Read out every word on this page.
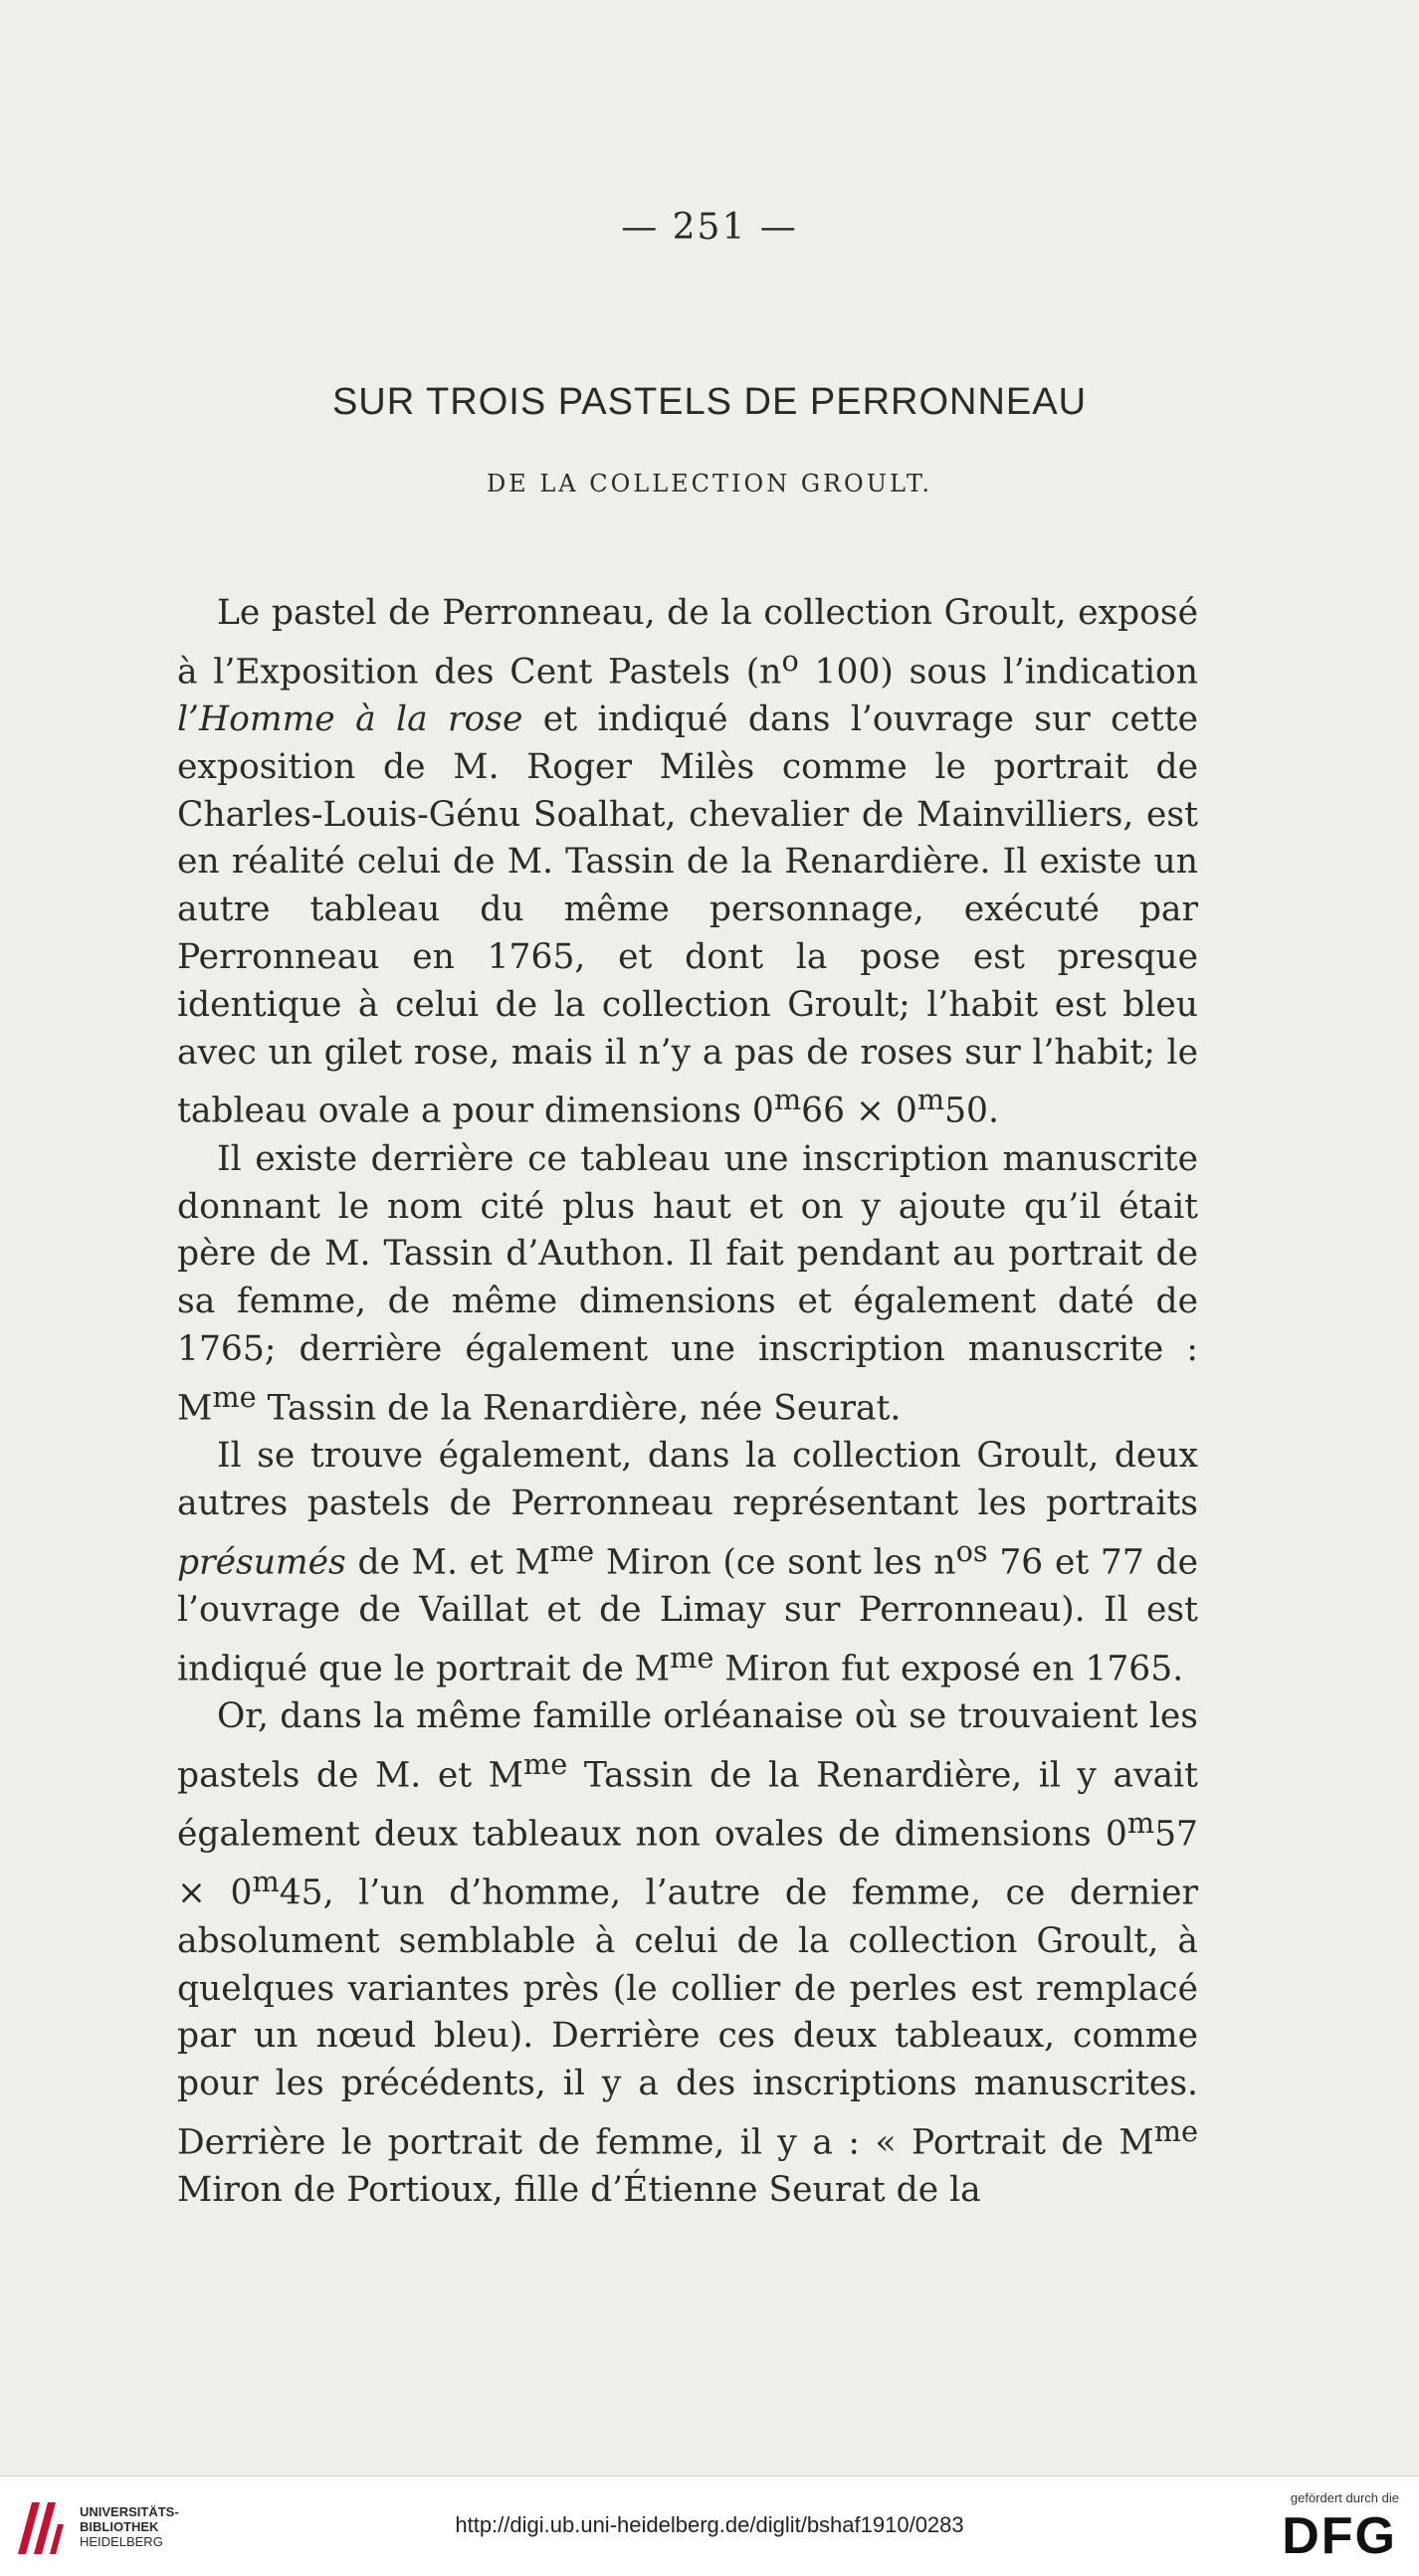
— 251 —
SUR TROIS PASTELS DE PERRONNEAU
DE LA COLLECTION GROULT.

Le pastel de Perronneau, de la collection Groult, exposé à l’Exposition des Cent Pastels ($n^o$ 100) sous l’indication l’Homme à la rose et indiqué dans l’ouvrage sur cette exposition de M. Roger Milès comme le portrait de Charles-Louis-Génu Soalhat, chevalier de Mainvilliers, est en réalité celui de M. Tassin de la Renardière. Il existe un autre tableau du même personnage, exécuté par Perronneau en 1765, et dont la pose est presque identique à celui de la collection Groult; l’habit est bleu avec un gilet rose, mais il n’y a pas de roses sur l’habit; le tableau ovale a pour dimensions $0^m66 \times 0^m50$.

Il existe derrière ce tableau une inscription manuscrite donnant le nom cité plus haut et on y ajoute qu’il était père de M. Tassin d’Authon. Il fait pendant au portrait de sa femme, de même dimensions et également daté de 1765; derrière également une inscription manuscrite : $M^{me}$ Tassin de la Renardière, née Seurat.

Il se trouve également, dans la collection Groult, deux autres pastels de Perronneau représentant les portraits présumés de M. et $M^{me}$ Miron (ce sont les $n^{os}$ 76 et 77 de l’ouvrage de Vaillat et de Limay sur Perronneau). Il est indiqué que le portrait de $M^{me}$ Miron fut exposé en 1765.

Or, dans la même famille orléanaise où se trouvaient les pastels de M. et $M^{me}$ Tassin de la Renardière, il y avait également deux tableaux non ovales de dimensions $0^m57 \times 0^m45$, l’un d’homme, l’autre de femme, ce dernier absolument semblable à celui de la collection Groult, à quelques variantes près (le collier de perles est remplacé par un nœud bleu). Derrière ces deux tableaux, comme pour les précédents, il y a des inscriptions manuscrites. Derrière le portrait de femme, il y a : « Portrait de $M^{me}$ Miron de Portioux, fille d’Étienne Seurat de la

UNIVERSITÄTS-
BIBLIOTHEK
HEIDELBERG
http://digi.ub.uni-heidelberg.de/diglit/bshaf1910/0283
gefördert durch die
DFG
